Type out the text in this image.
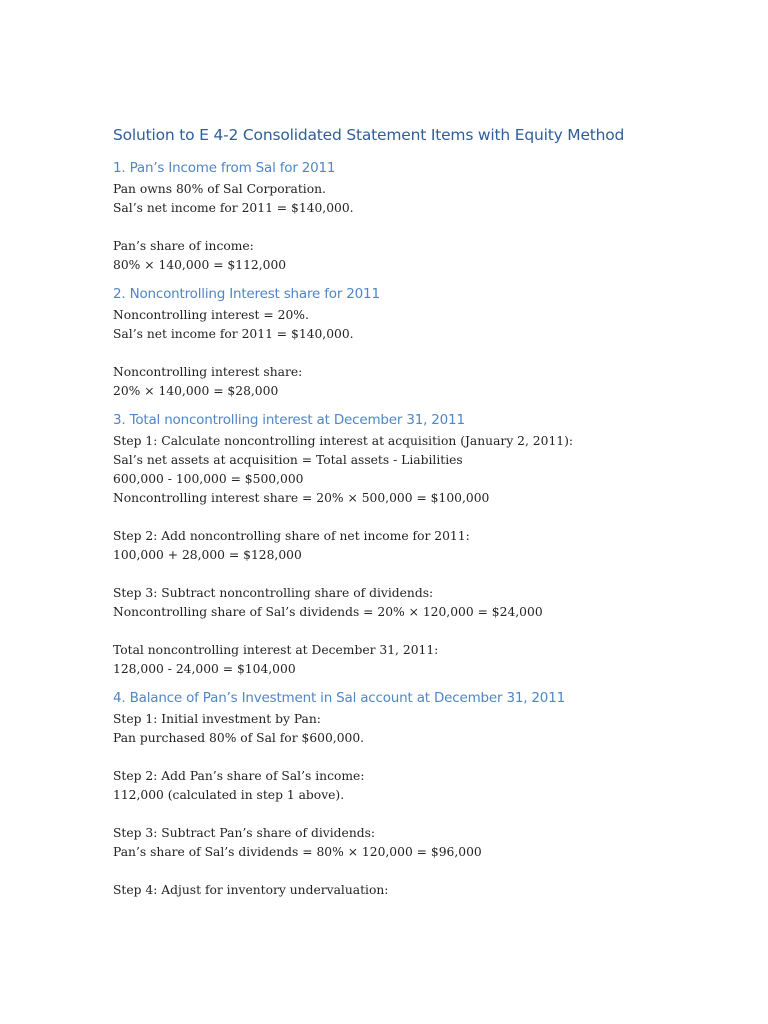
Solution to E 4-2 Consolidated Statement Items with Equity Method
1. Pan’s Income from Sal for 2011

Pan owns 80% of Sal Corporation.

Sal’s net income for 2011 = $140,000.

Pan’s share of income:

80% × 140,000 = $112,000

2. Noncontrolling Interest share for 2011

Noncontrolling interest = 20%.

Sal’s net income for 2011 = $140,000.

Noncontrolling interest share:

20% × 140,000 = $28,000

3. Total noncontrolling interest at December 31, 2011

Step 1: Calculate noncontrolling interest at acquisition (January 2, 2011):

Sal’s net assets at acquisition = Total assets - Liabilities

600,000 - 100,000 = $500,000

Noncontrolling interest share = 20% × 500,000 = $100,000

Step 2: Add noncontrolling share of net income for 2011:

100,000 + 28,000 = $128,000

Step 3: Subtract noncontrolling share of dividends:

Noncontrolling share of Sal’s dividends = 20% × 120,000 = $24,000

Total noncontrolling interest at December 31, 2011:

128,000 - 24,000 = $104,000

4. Balance of Pan’s Investment in Sal account at December 31, 2011

Step 1: Initial investment by Pan:

Pan purchased 80% of Sal for $600,000.

Step 2: Add Pan’s share of Sal’s income:

112,000 (calculated in step 1 above).

Step 3: Subtract Pan’s share of dividends:

Pan’s share of Sal’s dividends = 80% × 120,000 = $96,000

Step 4: Adjust for inventory undervaluation:
